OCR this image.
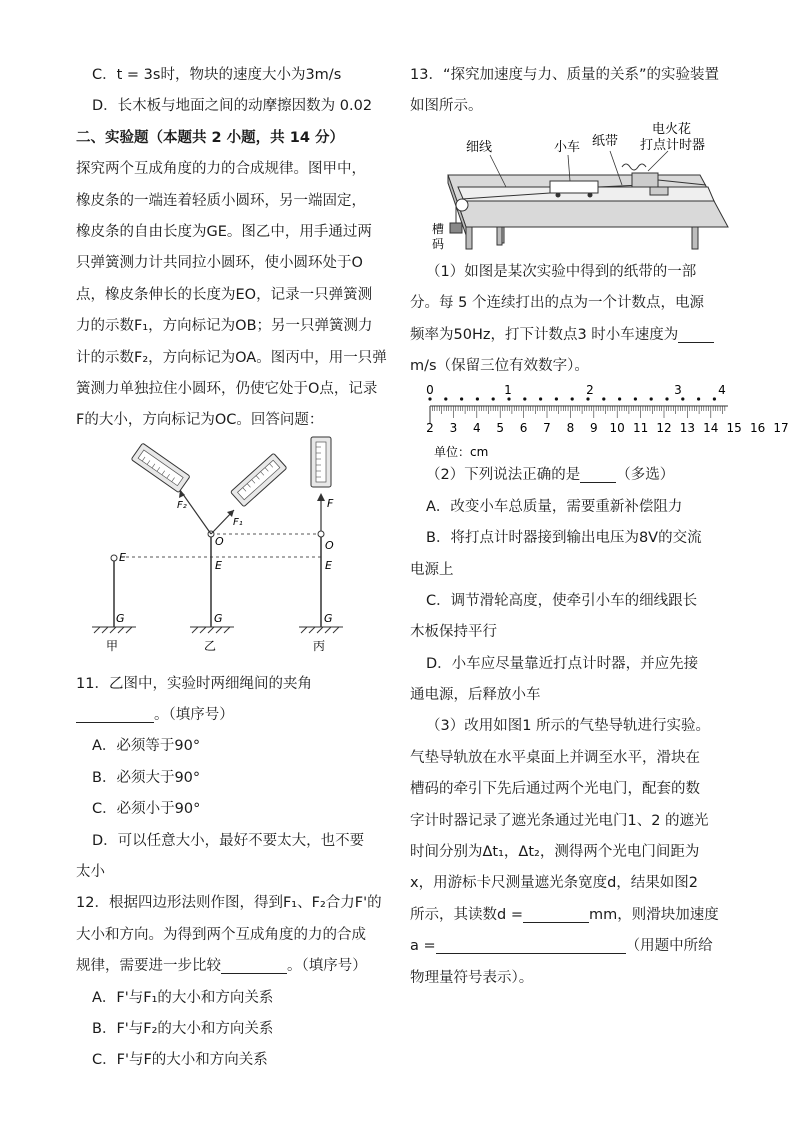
C．t = 3s时，物块的速度大小为3m/s
D．长木板与地面之间的动摩擦因数为 0.02
二、实验题（本题共 2 小题，共 14 分）
探究两个互成角度的力的合成规律。图甲中，
橡皮条的一端连着轻质小圆环，另一端固定，
橡皮条的自由长度为GE。图乙中，用手通过两
只弹簧测力计共同拉小圆环，使小圆环处于O
点，橡皮条伸长的长度为EO，记录一只弹簧测
力的示数F₁，方向标记为OB；另一只弹簧测力
计的示数F₂，方向标记为OA。图丙中，用一只弹
簧测力单独拉住小圆环，仍使它处于O点，记录
F的大小，方向标记为OC。回答问题：
E
G
O
E
G
F₂
F₁
F
O
E
G
甲	乙	丙
11．乙图中，实验时两细绳间的夹角
。（填序号）
A．必须等于90°
B．必须大于90°
C．必须小于90°
D．可以任意大小，最好不要太大，也不要
太小
12．根据四边形法则作图，得到F₁、F₂合力F'的
大小和方向。为得到两个互成角度的力的合成
规律，需要进一步比较	。（填序号）
A．F'与F₁的大小和方向关系
B．F'与F₂的大小和方向关系
C．F'与F的大小和方向关系
13．“探究加速度与力、质量的关系”的实验装置
如图所示。
细线	小车 纸带
电火花
打点计时器
槽
码
（1）如图是某次实验中得到的纸带的一部
分。每 5 个连续打出的点为一个计数点，电源
频率为50Hz，打下计数点3 时小车速度为
m/s（保留三位有效数字）。
0	1	2	3	4
2 3 4 5 6 7 8 9 10 11 12 13 14 15 16 17
单位：cm
（2）下列说法正确的是 （多选）
A．改变小车总质量，需要重新补偿阻力
B．将打点计时器接到输出电压为8V的交流
电源上
C．调节滑轮高度，使牵引小车的细线跟长
木板保持平行
D．小车应尽量靠近打点计时器，并应先接
通电源，后释放小车
（3）改用如图1 所示的气垫导轨进行实验。
气垫导轨放在水平桌面上并调至水平，滑块在
槽码的牵引下先后通过两个光电门，配套的数
字计时器记录了遮光条通过光电门1、2 的遮光
时间分别为Δt₁，Δt₂，测得两个光电门间距为
x，用游标卡尺测量遮光条宽度d，结果如图2
所示，其读数d =	mm，则滑块加速度
a =	（用题中所给
物理量符号表示）。
